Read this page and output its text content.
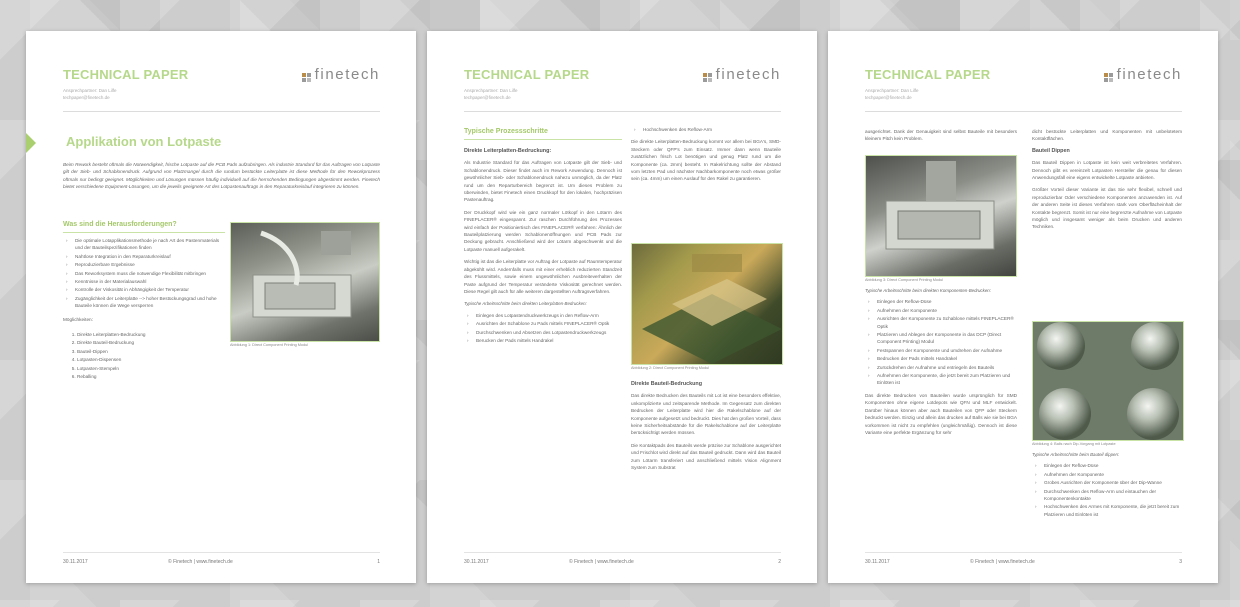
TECHNICAL PAPER
Ansprechpartner: Dan Lilfe
techpaper@finetech.de
finetech
Applikation von Lotpaste
Beim Rework besteht oftmals die Notwendigkeit, frische Lotpaste auf die PCB Pads aufzubringen. Als industrie Standard für das Auftragen von Lotpaste gilt der Sieb- und Schablonendruck. Aufgrund von Platzmangel durch die rundum bestückte Leiterplatte ist diese Methode für den Reworkprozess oftmals nur bedingt geeignet. Möglichkeiten und Lösungen müssen häufig individuell auf die herrschenden Bedingungen abgestimmt werden. Finetech bietet verschiedene Equipment-Lösungen, um die jeweils geeignete Art des Lotpastenauftrags in den Reparaturkreislauf integrieren zu können.
Was sind die Herausforderungen?
› Die optimale Lotapplikationsmethode je nach Art des Pastenmaterials und der Bauteilspezifikationen finden
› Nahtlose Integration in den Reparaturkreislauf
› Reproduzierbare Ergebnisse
› Das Reworksystem muss die notwendige Flexibilität mitbringen
› Kenntnisse in der Materialauswahl
› Kontrolle der Viskosität in Abhängigkeit der Temperatur
› Zugänglichkeit der Leiterplatte --> hoher Bestückungsgrad und hohe Bauteile können die Wege versperren
Möglichkeiten:
1. Direkte Leiterplatten-Bedruckung
2. Direkte Bauteil-Bedruckung
3. Bauteil-Dippen
4. Lotpasten-Dispensen
5. Lotpasten-Stempeln
6. Reballing
Abbildung 1: Direct Component Printing Modul
30.11.2017	© Finetech | www.finetech.de	1
TECHNICAL PAPER
Ansprechpartner: Dan Lilfe
techpaper@finetech.de
finetech
Typische Prozessschritte
Direkte Leiterplatten-Bedruckung:

Als Industrie Standard für das Auftragen von Lotpaste gilt der Sieb- und Schablonendruck. Dieser findet auch im Rework Anwendung. Dennoch ist gewöhnlicher Sieb- oder Schablonendruck nahezu unmöglich, da der Platz rund um den Reparturbereich begrenzt ist. Um dieses Problem zu überwinden, bietet Finetech einen Druckkopf für den lokalen, hochpräzisen Pastenauftrag.

Der Druckkopf wird wie ein ganz normaler Lötkopf in den Lötarm des FINEPLACER® eingespannt. Zur raschen Durchführung des Prozesses wird einfach der Positioniertisch des FINEPLACER® verfahren: Ähnlich der Bauteilplatzierung werden Schablonenöffnungen und PCB Pads zur Deckung gebracht. Anschließend wird der Lötarm abgeschwenkt und die Lotpaste manuell aufgerakelt.

Wichtig ist das die Leiterplatte vor Auftrag der Lotpaste auf Raumtemperatur abgekühlt wird. Andernfalls muss mit einer erheblich reduzierten Standzeit des Flussmittels, sowie einem ungewöhnlichen Ausbreiteverhalten der Paste aufgrund der Temperatur veränderte Viskosität gerechnet werden. Diese Regel gilt auch für alle weiteren dargestellten Auftragsverfahren.

Typische Arbeitsschritte beim direkten Leiterplatten-Bedrucken:
› Einlegen des Lotpastendruckwerkzeugs in den Reflow-Arm
› Ausrichten der Schablone zu Pads mittels FINEPLACER® Optik
› Durchschwenken und Absetzen des Lotpastendruckwerkzeugs
› Berucken der Pads mittels Handrakel
› Hochschwenken des Reflow-Arm

Die direkte Leiterplatten-Bedruckung kommt vor allem bei BGA's, SMD-Steckern oder QFP's zum Einsatz. Immer dann wenn Bauteile zusätzlichen frisch Lot benötigen und genug Platz rund um die Komponente (ca. 2mm) besteht. In Rakelrichtung sollte der Abstand vom letzten Pad und nächster Nachbarkomponente noch etwas größer sein (ca. 4mm) um einen Auslauf für den Rakel zu garantieren.

Abbildung 2: Direct Component Printing Modul
Direkte Bauteil-Bedruckung

Das direkte Bedrucken des Bauteils mit Lot ist eine besonders effektive, unkomplizierte und zeitsparende Methode. Im Gegensatz zum direkten Bedrucken der Leiterplatte wird hier die Rakelschablone auf der Komponente aufgesetzt und bedruckt. Dies hat den großen Vorteil, dass keine Sicherheitsabstände für die Rakelschablone auf der Leiterplatte berücksichtigt werden müssen.

Die Kontaktpads des Bauteils werde präzise zur Schablone ausgerichtet und Frischlot wird direkt auf das Bauteil gedruckt. Dann wird das Bauteil zum Lötarm transferiert und anschließend mittels Vision Alignment System zum Substrat

30.11.2017	© Finetech | www.finetech.de	2
TECHNICAL PAPER
Ansprechpartner: Dan Lilfe
techpaper@finetech.de
finetech

ausgerichtet. Dank der Genauigkeit sind selbst Bauteile mit besonders kleinem Pitch kein Problem.

Abbildung 3: Direct Component Printing Modul
Typische Arbeitsschritte beim direkten Komponenten-Bedrucken:
› Einlegen der Reflow-Düse
› Aufnehmen der Komponente
› Ausrichten der Komponente zu Schablone mittels FINEPLACER® Optik
› Platzieren und Ablegen der Komponente in das DCP (Direct Component Printing) Modul
› Festspannen der Komponente und umdrehen der Aufnahme
› Bedrucken der Pads mittels Handrakel
› Zurückdrehen der Aufnahme und entriegeln des Bauteils
› Aufnehmen der Komponente, die jetzt bereit zum Platzieren und Einlöten ist

Das direkte Bedrucken von Bauteilen wurde ursprünglich für SMD Komponenten ohne eigene Lotdepots wie QFN und MLF entwickelt. Darüber hinaus können aber auch Bauteilen von QFP oder Steckern bedruckt werden. Einzig und allein das drucken auf Balls wie sie bei BGA vorkommen ist nicht zu empfehlen (ungleichmäßig). Dennoch ist diese Variante eine perfekte Ergänzung für sehr

dicht bestückte Leiterplatten und Komponenten mit unbelotetem Kontaktflächen.

Bauteil Dippen

Das Bauteil Dippen in Lotpaste ist kein weit verbreitetes Verfahren. Dennoch gibt es vereinzelt Lotpasten Hersteller die genau für diesen Anwendungsfall eine eigens entwickelte Lotpaste anbieten.

Größter Vorteil dieser Variante ist das Sie sehr flexibel, schnell und reproduzierbar Oder verschiedene Komponenten anzuwenden ist. Auf der anderen Seite ist dieses Verfahren stark vom Oberflächeinhalt der Kontakte begrenzt. Somit ist nur eine begrenzte Aufnahme von Lotpaste möglich und insgesamt weniger als beim Drucken und anderen Techniken.

Abbildung 4: Balls nach Dip-Vorgang mit Lotpaste
Typische Arbeitsschritte beim Bauteil dippen:
› Einlegen der Reflow-Düse
› Aufnehmen der Komponente
› Grobes Ausrichten der Komponente über der Dip-Wanne
› Durchschwenken des Reflow-Arm und eintauchen der Komponentenkontakte
› Hochschwenken des Armes mit Komponente, die jetzt bereit zum Platzieren und Einlöten ist
30.11.2017	© Finetech | www.finetech.de	3
